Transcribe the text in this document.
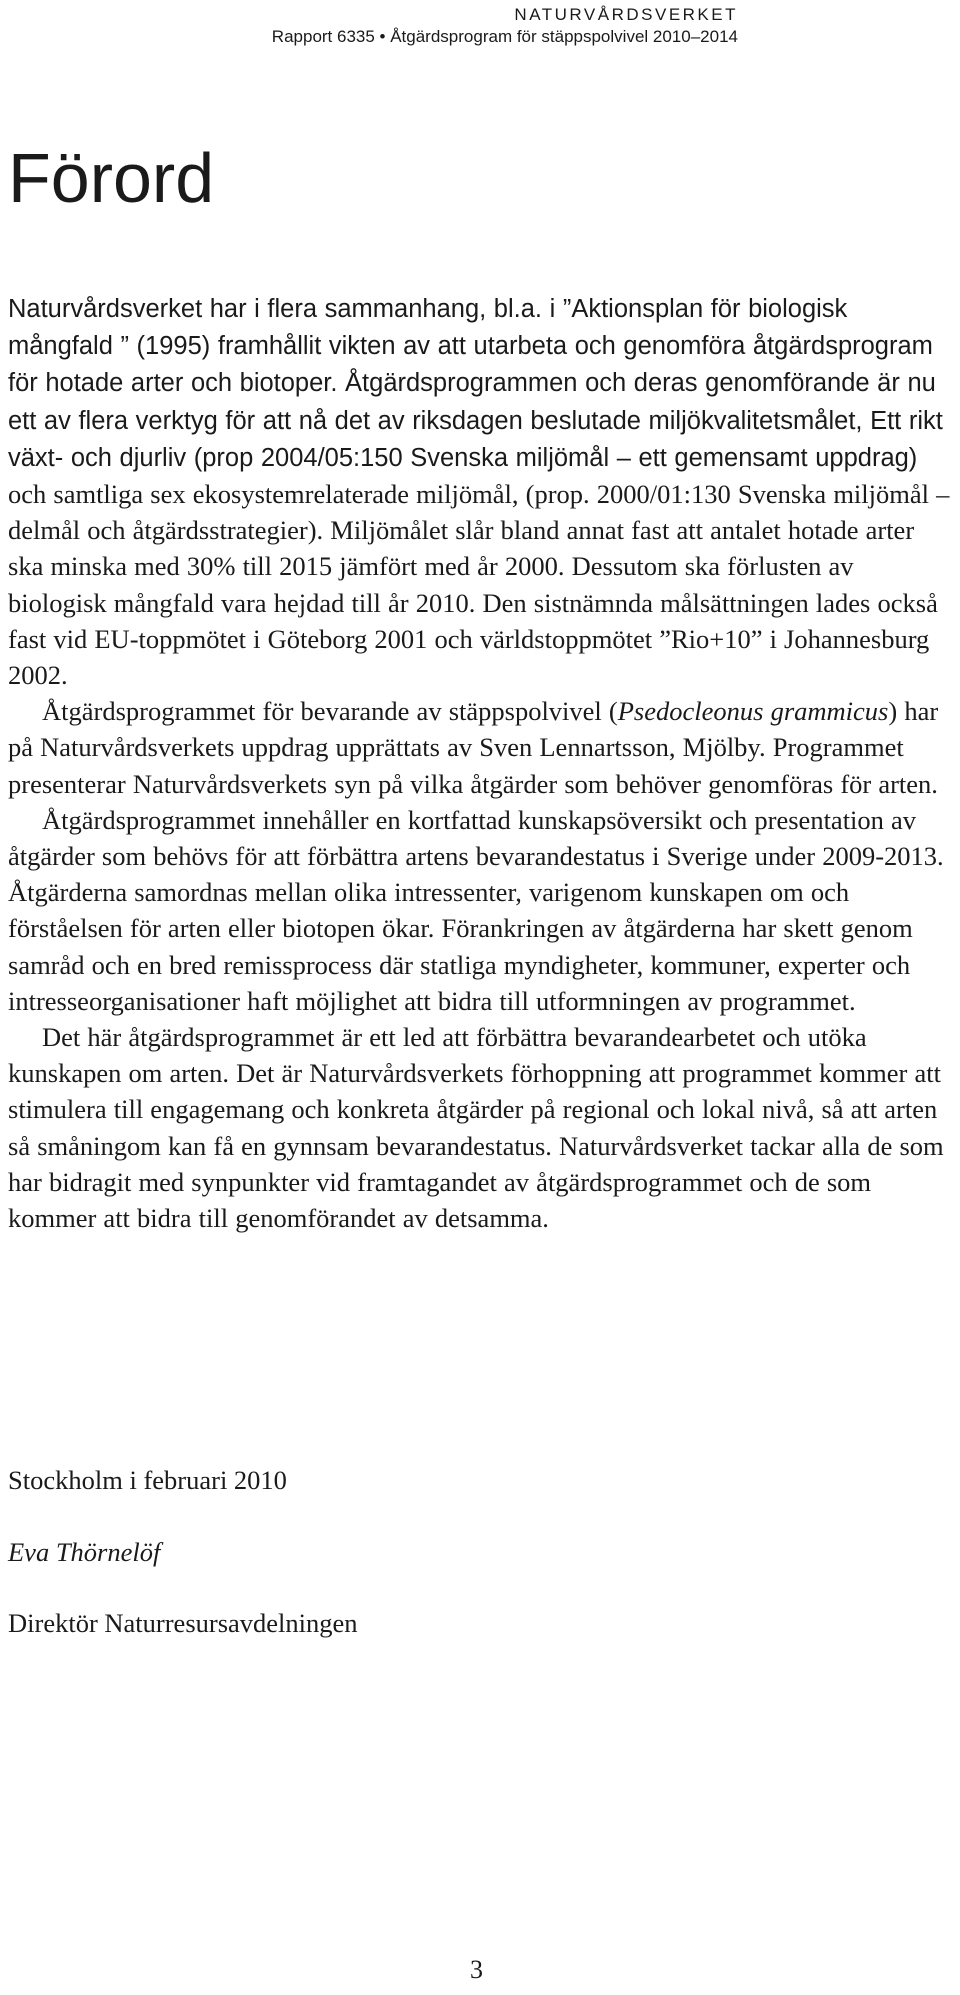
NATURVÅRDSVERKET
Rapport 6335 • Åtgärdsprogram för stäppspolvivel 2010–2014
Förord

Naturvårdsverket har i flera sammanhang, bl.a. i ”Aktionsplan för biologisk mångfald ” (1995) framhållit vikten av att utarbeta och genomföra åtgärdsprogram för hotade arter och biotoper. Åtgärdsprogrammen och deras genomförande är nu ett av flera verktyg för att nå det av riksdagen beslutade miljökvalitetsmålet, Ett rikt växt- och djurliv (prop 2004/05:150 Svenska miljömål – ett gemensamt uppdrag) och samtliga sex ekosystemrelaterade miljömål, (prop. 2000/01:130 Svenska miljömål – delmål och åtgärdsstrategier). Miljömålet slår bland annat fast att antalet hotade arter ska minska med 30% till 2015 jämfört med år 2000. Dessutom ska förlusten av biologisk mångfald vara hejdad till år 2010. Den sistnämnda målsättningen lades också fast vid EU-toppmötet i Göteborg 2001 och världstoppmötet ”Rio+10” i Johannesburg 2002.

Åtgärdsprogrammet för bevarande av stäppspolvivel (Psedocleonus grammicus) har på Naturvårdsverkets uppdrag upprättats av Sven Lennartsson, Mjölby. Programmet presenterar Naturvårdsverkets syn på vilka åtgärder som behöver genomföras för arten.

Åtgärdsprogrammet innehåller en kortfattad kunskapsöversikt och presentation av åtgärder som behövs för att förbättra artens bevarandestatus i Sverige under 2009-2013. Åtgärderna samordnas mellan olika intressenter, varigenom kunskapen om och förståelsen för arten eller biotopen ökar. Förankringen av åtgärderna har skett genom samråd och en bred remissprocess där statliga myndigheter, kommuner, experter och intresseorganisationer haft möjlighet att bidra till utformningen av programmet.

Det här åtgärdsprogrammet är ett led att förbättra bevarandearbetet och utöka kunskapen om arten. Det är Naturvårdsverkets förhoppning att programmet kommer att stimulera till engagemang och konkreta åtgärder på regional och lokal nivå, så att arten så småningom kan få en gynnsam bevarandestatus. Naturvårdsverket tackar alla de som har bidragit med synpunkter vid framtagandet av åtgärdsprogrammet och de som kommer att bidra till genomförandet av detsamma.

Stockholm i februari 2010
Eva Thörnelöf
Direktör Naturresursavdelningen
3
